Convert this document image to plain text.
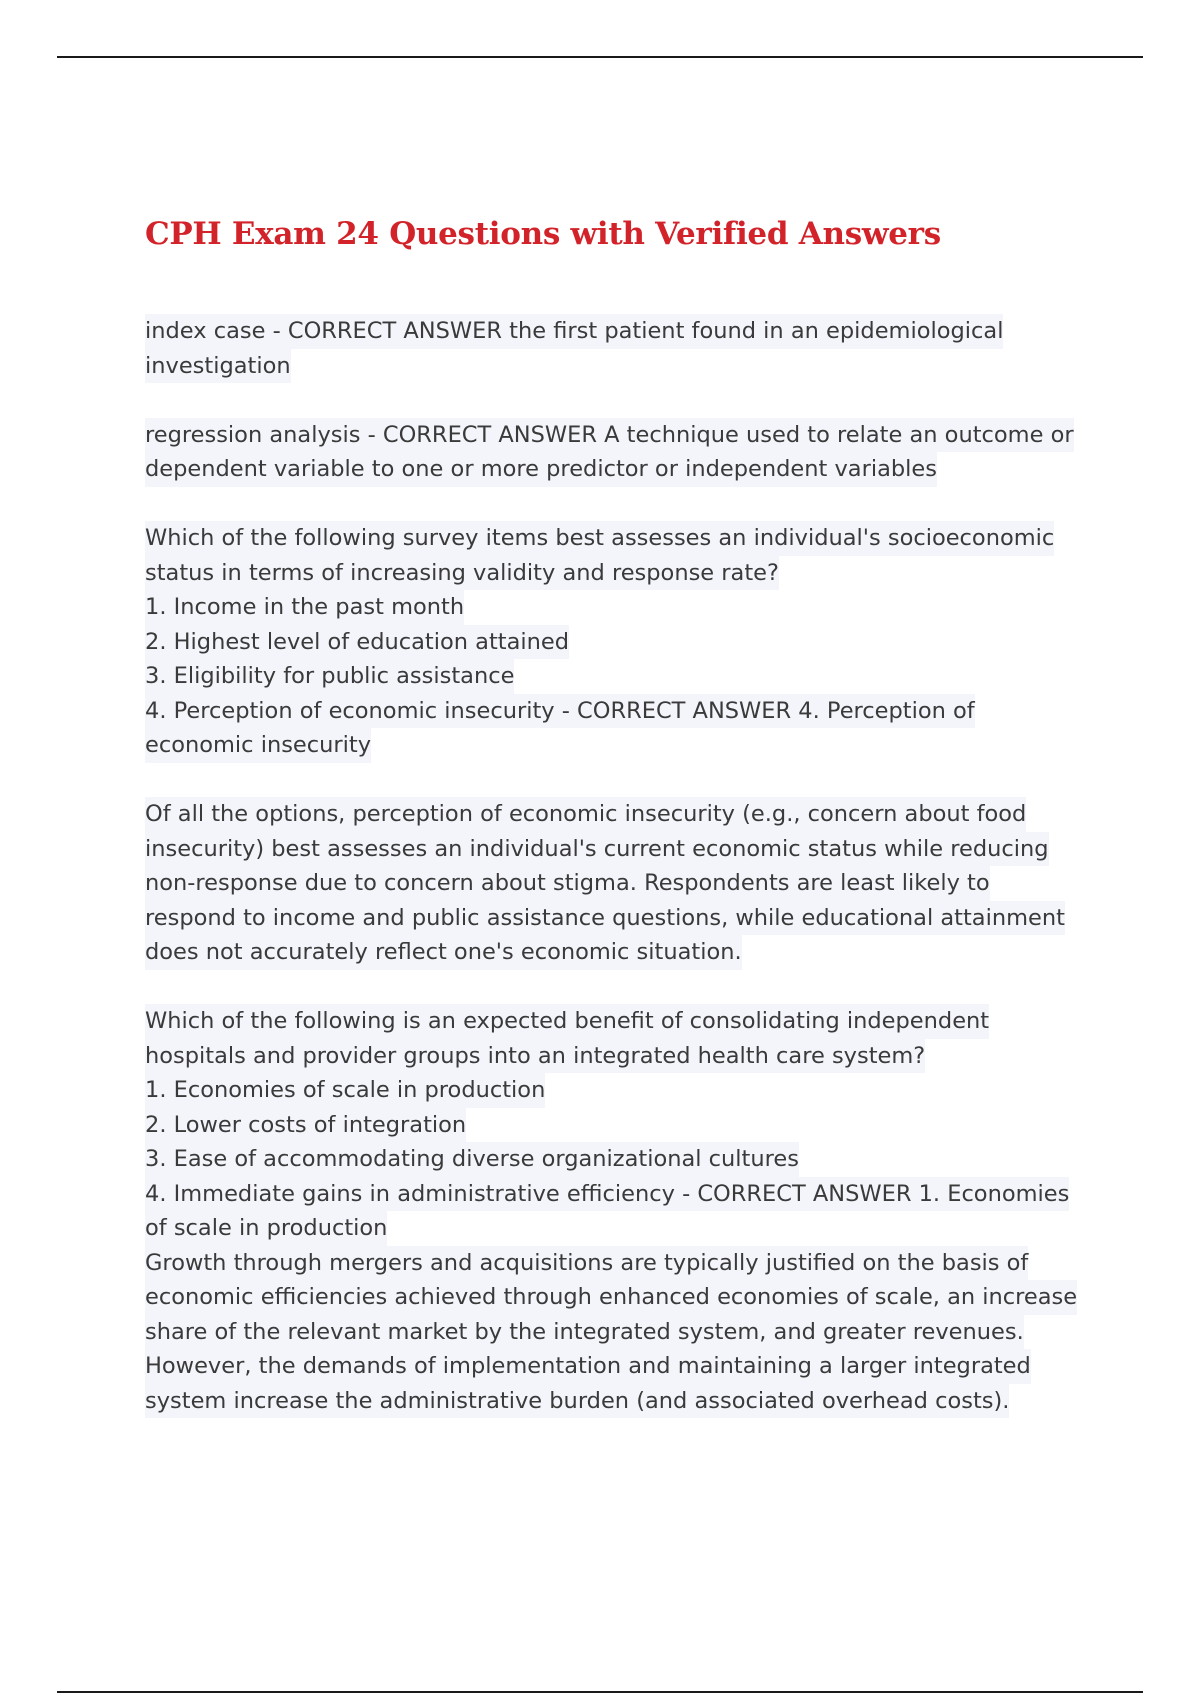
CPH Exam 24 Questions with Verified Answers
index case - CORRECT ANSWER the first patient found in an epidemiological
investigation
regression analysis - CORRECT ANSWER A technique used to relate an outcome or
dependent variable to one or more predictor or independent variables
Which of the following survey items best assesses an individual's socioeconomic
status in terms of increasing validity and response rate?
1. Income in the past month
2. Highest level of education attained
3. Eligibility for public assistance
4. Perception of economic insecurity - CORRECT ANSWER 4. Perception of
economic insecurity
Of all the options, perception of economic insecurity (e.g., concern about food
insecurity) best assesses an individual's current economic status while reducing
non-response due to concern about stigma. Respondents are least likely to
respond to income and public assistance questions, while educational attainment
does not accurately reflect one's economic situation.
Which of the following is an expected benefit of consolidating independent
hospitals and provider groups into an integrated health care system?
1. Economies of scale in production
2. Lower costs of integration
3. Ease of accommodating diverse organizational cultures
4. Immediate gains in administrative efficiency - CORRECT ANSWER 1. Economies
of scale in production
Growth through mergers and acquisitions are typically justified on the basis of
economic efficiencies achieved through enhanced economies of scale, an increase
share of the relevant market by the integrated system, and greater revenues.
However, the demands of implementation and maintaining a larger integrated
system increase the administrative burden (and associated overhead costs).
